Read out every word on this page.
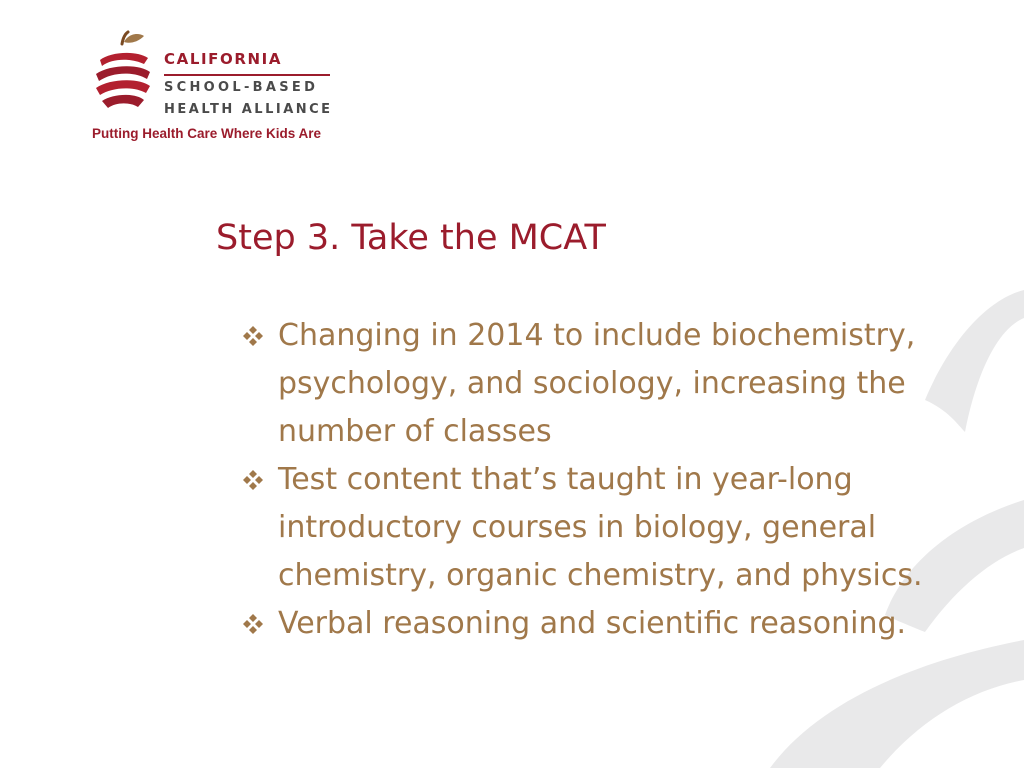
CALIFORNIA
SCHOOL-BASED
HEALTH ALLIANCE
Putting Health Care Where Kids Are
Step 3. Take the MCAT
Changing in 2014 to include biochemistry, psychology, and sociology, increasing the number of classes
Test content that’s taught in year-long introductory courses in biology, general chemistry, organic chemistry, and physics.
Verbal reasoning and scientific reasoning.
